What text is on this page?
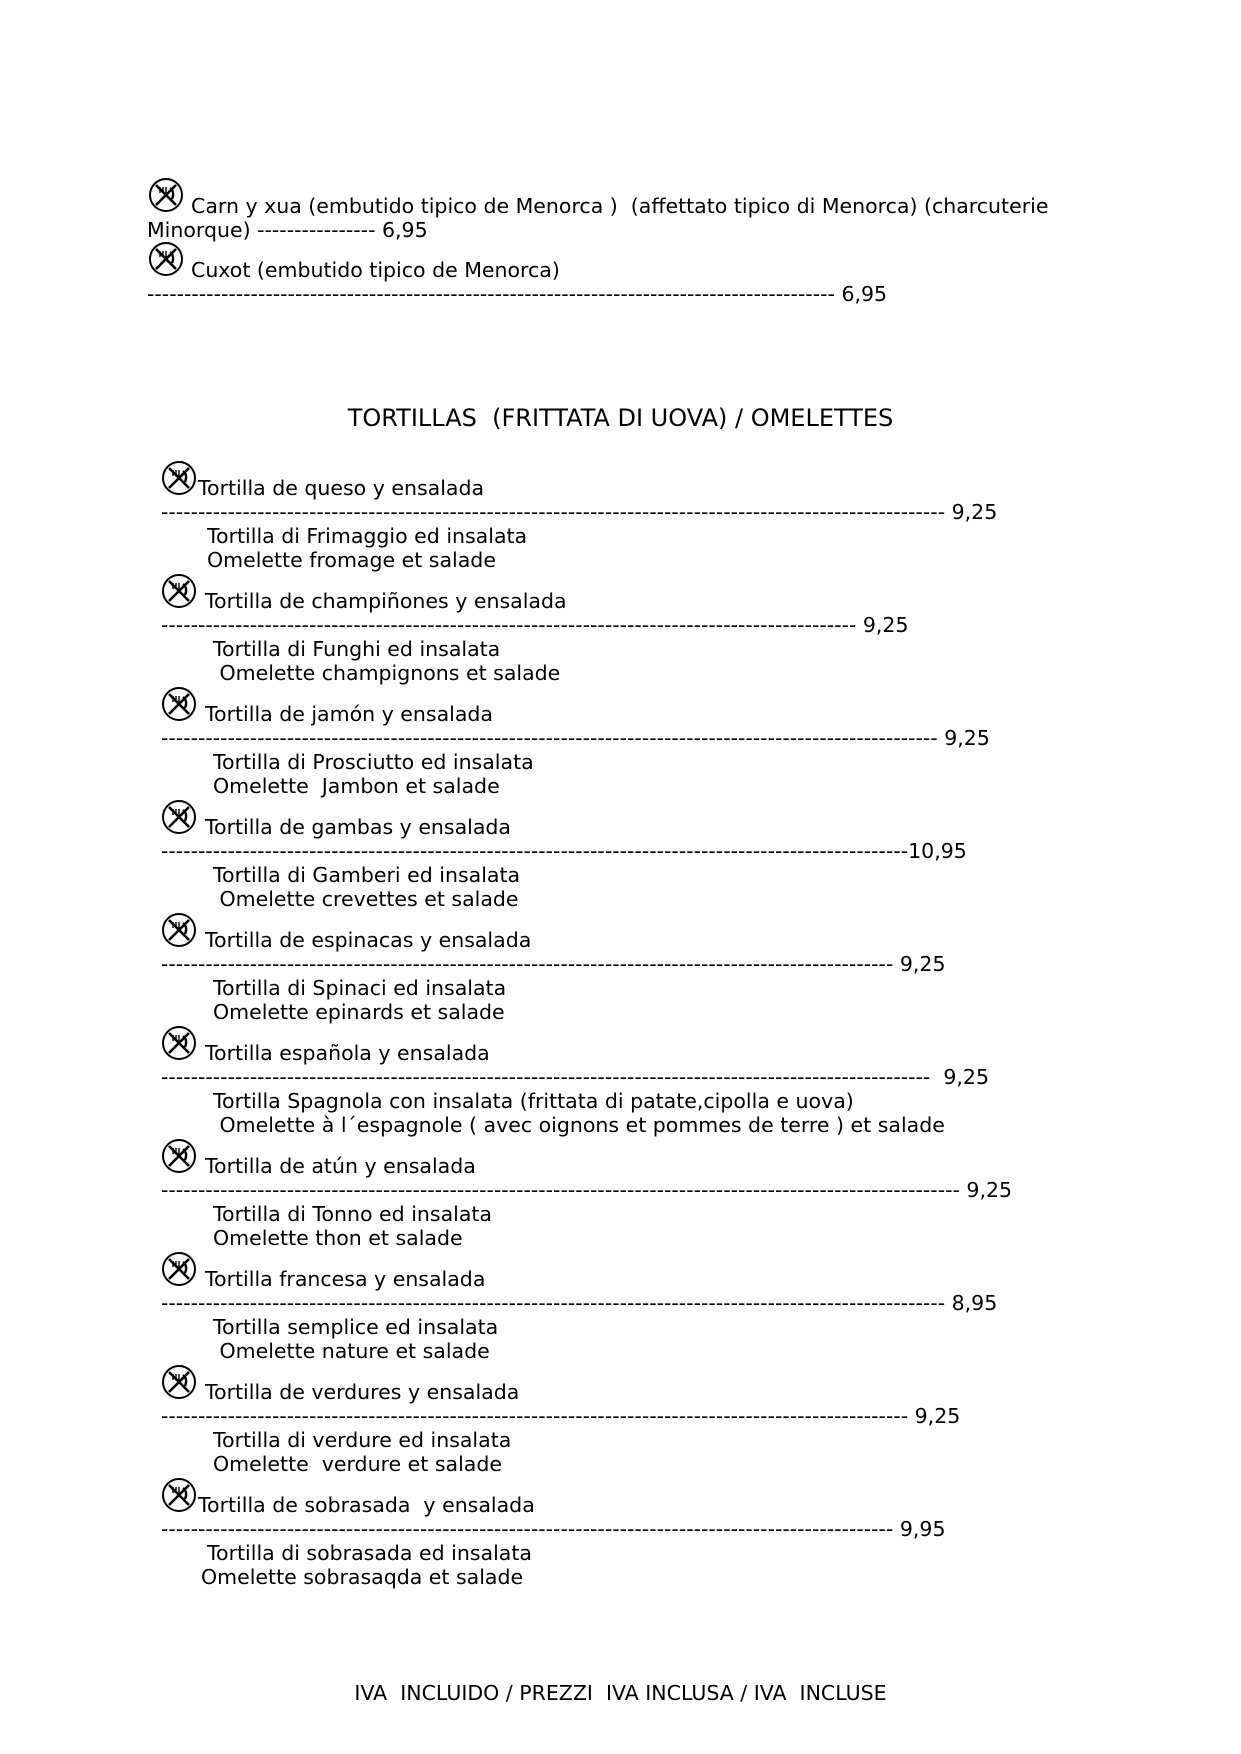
Carn y xua (embutido tipico de Menorca )  (affettato tipico di Menorca) (charcuterie
Minorque) ---------------- 6,95
Cuxot (embutido tipico de Menorca)
--------------------------------------------------------------------------------------------- 6,95
TORTILLAS  (FRITTATA DI UOVA) / OMELETTES
Tortilla de queso y ensalada
---------------------------------------------------------------------------------------------------------- 9,25
Tortilla di Frimaggio ed insalata
Omelette fromage et salade
Tortilla de champiñones y ensalada
---------------------------------------------------------------------------------------------- 9,25
Tortilla di Funghi ed insalata
Omelette champignons et salade
Tortilla de jamón y ensalada
--------------------------------------------------------------------------------------------------------- 9,25
Tortilla di Prosciutto ed insalata
Omelette  Jambon et salade
Tortilla de gambas y ensalada
-----------------------------------------------------------------------------------------------------10,95
Tortilla di Gamberi ed insalata
Omelette crevettes et salade
Tortilla de espinacas y ensalada
--------------------------------------------------------------------------------------------------- 9,25
Tortilla di Spinaci ed insalata
Omelette epinards et salade
Tortilla española y ensalada
--------------------------------------------------------------------------------------------------------  9,25
Tortilla Spagnola con insalata (frittata di patate,cipolla e uova)
Omelette à l´espagnole ( avec oignons et pommes de terre ) et salade
Tortilla de atún y ensalada
------------------------------------------------------------------------------------------------------------ 9,25
Tortilla di Tonno ed insalata
Omelette thon et salade
Tortilla francesa y ensalada
---------------------------------------------------------------------------------------------------------- 8,95
Tortilla semplice ed insalata
Omelette nature et salade
Tortilla de verdures y ensalada
----------------------------------------------------------------------------------------------------- 9,25
Tortilla di verdure ed insalata
Omelette  verdure et salade
Tortilla de sobrasada  y ensalada
--------------------------------------------------------------------------------------------------- 9,95
Tortilla di sobrasada ed insalata
Omelette sobrasaqda et salade
IVA  INCLUIDO / PREZZI  IVA INCLUSA / IVA  INCLUSE
